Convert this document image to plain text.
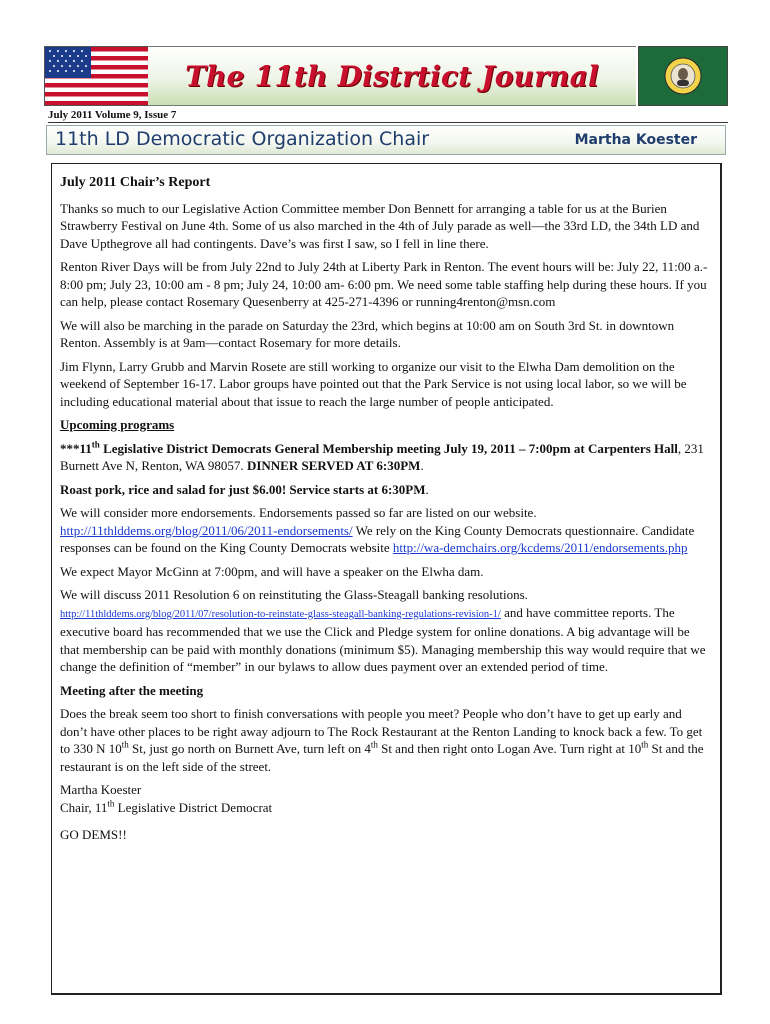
The 11th Distrtict Journal
July 2011 Volume 9, Issue 7
11th LD Democratic Organization Chair	Martha Koester

July 2011 Chair’s Report

Thanks so much to our Legislative Action Committee member Don Bennett for arranging a table for us at the Burien Strawberry Festival on June 4th. Some of us also marched in the 4th of July parade as well—the 33rd LD, the 34th LD and Dave Upthegrove all had contingents. Dave’s was first I saw, so I fell in line there.

Renton River Days will be from July 22nd to July 24th at Liberty Park in Renton. The event hours will be: July 22, 11:00 a.- 8:00 pm; July 23, 10:00 am - 8 pm; July 24, 10:00 am- 6:00 pm. We need some table staffing help during these hours. If you can help, please contact Rosemary Quesenberry at 425-271-4396 or running4renton@msn.com

We will also be marching in the parade on Saturday the 23rd, which begins at 10:00 am on South 3rd St. in downtown Renton. Assembly is at 9am—contact Rosemary for more details.

Jim Flynn, Larry Grubb and Marvin Rosete are still working to organize our visit to the Elwha Dam demolition on the weekend of September 16-17. Labor groups have pointed out that the Park Service is not using local labor, so we will be including educational material about that issue to reach the large number of people anticipated.

Upcoming programs

***11th Legislative District Democrats General Membership meeting July 19, 2011 – 7:00pm at Carpenters Hall, 231 Burnett Ave N, Renton, WA 98057. DINNER SERVED AT 6:30PM.

Roast pork, rice and salad for just $6.00! Service starts at 6:30PM.

We will consider more endorsements. Endorsements passed so far are listed on our website. http://11thlddems.org/blog/2011/06/2011-endorsements/ We rely on the King County Democrats questionnaire. Candidate responses can be found on the King County Democrats website http://wa-demchairs.org/kcdems/2011/endorsements.php

We expect Mayor McGinn at 7:00pm, and will have a speaker on the Elwha dam.

We will discuss 2011 Resolution 6 on reinstituting the Glass-Steagall banking resolutions.
http://11thlddems.org/blog/2011/07/resolution-to-reinstate-glass-steagall-banking-regulations-revision-1/ and have committee reports. The executive board has recommended that we use the Click and Pledge system for online donations. A big advantage will be that membership can be paid with monthly donations (minimum $5). Managing membership this way would require that we change the definition of “member” in our bylaws to allow dues payment over an extended period of time.

Meeting after the meeting

Does the break seem too short to finish conversations with people you meet? People who don’t have to get up early and don’t have other places to be right away adjourn to The Rock Restaurant at the Renton Landing to knock back a few. To get to 330 N 10th St, just go north on Burnett Ave, turn left on 4th St and then right onto Logan Ave. Turn right at 10th St and the restaurant is on the left side of the street.

Martha Koester
Chair, 11th Legislative District Democrat

GO DEMS!!
